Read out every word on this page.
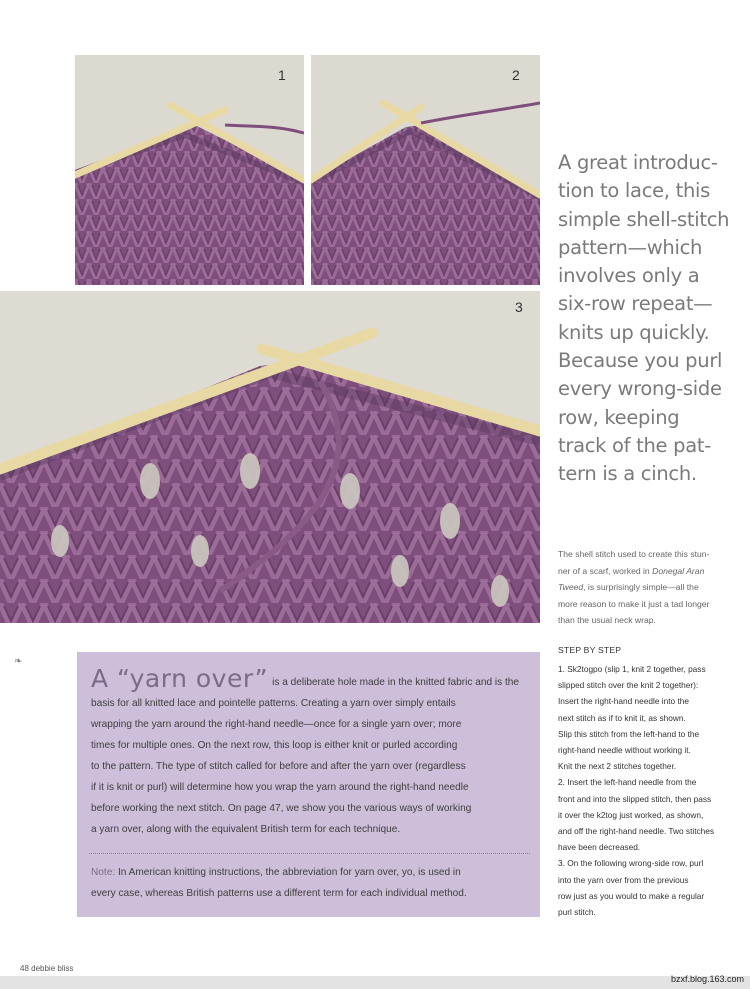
1	2
3
A great introduc-
tion to lace, this
simple shell-stitch
pattern—which
involves only a
six-row repeat—
knits up quickly.
Because you purl
every wrong-side
row, keeping
track of the pat-
tern is a cinch.
The shell stitch used to create this stun-
ner of a scarf, worked in Donegal Aran
Tweed, is surprisingly simple—all the
more reason to make it just a tad longer
than the usual neck wrap.
STEP BY STEP
1. Sk2togpo (slip 1, knit 2 together, pass
slipped stitch over the knit 2 together):
Insert the right-hand needle into the
next stitch as if to knit it, as shown.
Slip this stitch from the left-hand to the
right-hand needle without working it.
Knit the next 2 stitches together.
2. Insert the left-hand needle from the
front and into the slipped stitch, then pass
it over the k2tog just worked, as shown,
and off the right-hand needle. Two stitches
have been decreased.
3. On the following wrong-side row, purl
into the yarn over from the previous
row just as you would to make a regular
purl stitch.
❧
A “yarn over” is a deliberate hole made in the knitted fabric and is the
basis for all knitted lace and pointelle patterns. Creating a yarn over simply entails
wrapping the yarn around the right-hand needle—once for a single yarn over; more
times for multiple ones. On the next row, this loop is either knit or purled according
to the pattern. The type of stitch called for before and after the yarn over (regardless
if it is knit or purl) will determine how you wrap the yarn around the right-hand needle
before working the next stitch. On page 47, we show you the various ways of working
a yarn over, along with the equivalent British term for each technique.
Note: In American knitting instructions, the abbreviation for yarn over, yo, is used in
every case, whereas British patterns use a different term for each individual method.
48 debbie bliss
bzxf.blog.163.com
